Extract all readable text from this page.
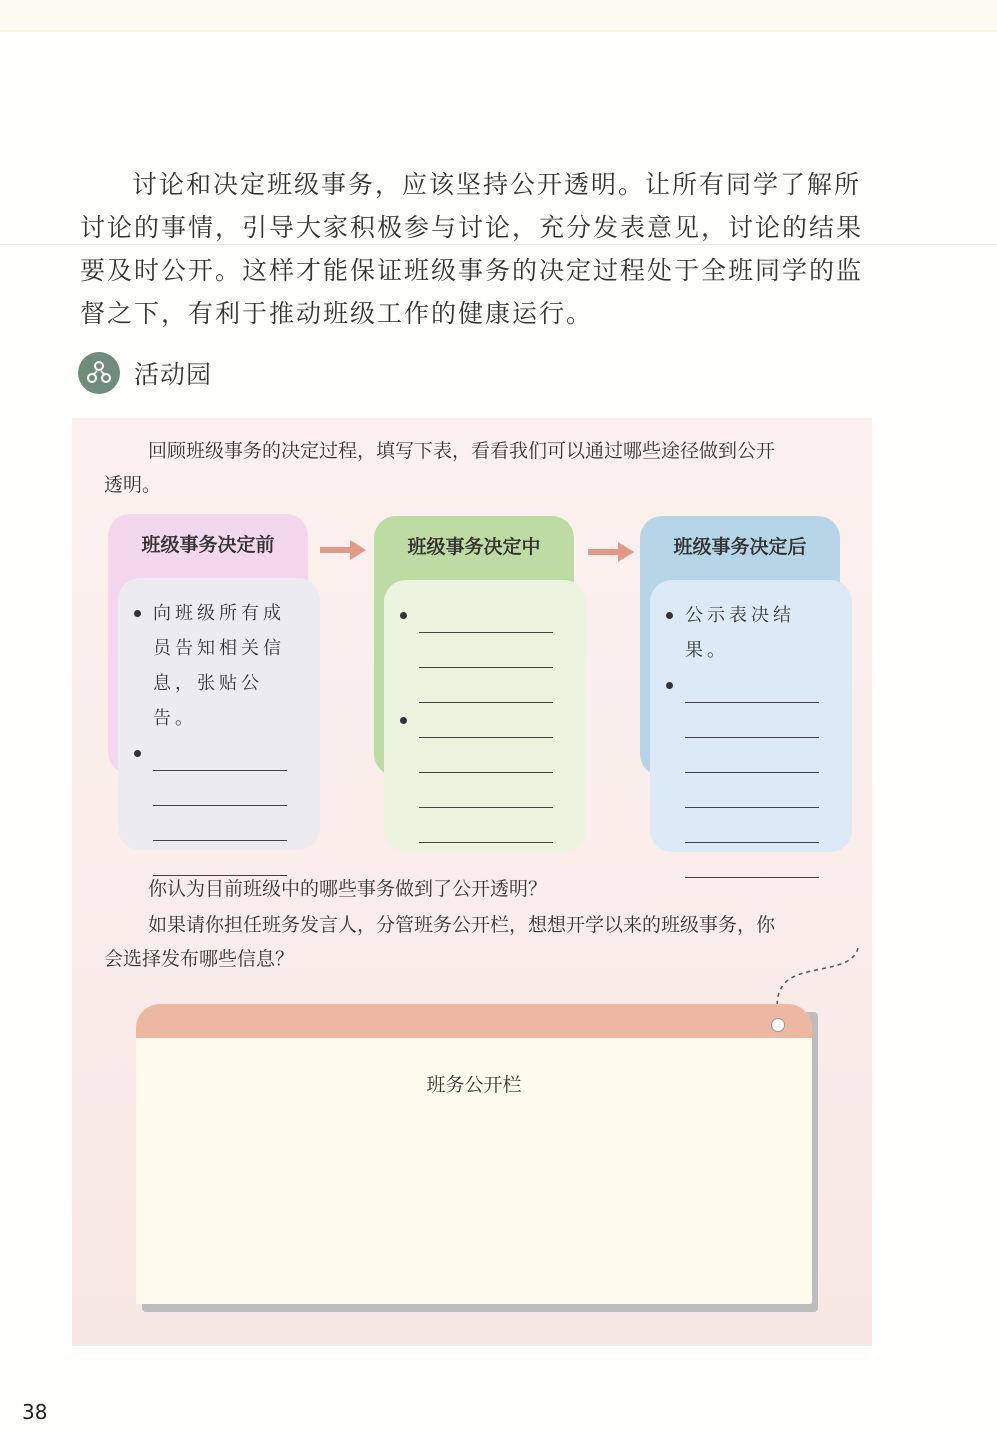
讨论和决定班级事务，应该坚持公开透明。让所有同学了解所
讨论的事情，引导大家积极参与讨论，充分发表意见，讨论的结果
要及时公开。这样才能保证班级事务的决定过程处于全班同学的监
督之下，有利于推动班级工作的健康运行。
活动园
回顾班级事务的决定过程，填写下表，看看我们可以通过哪些途径做到公开
透明。
班级事务决定前
向班级所有成员告知相关信息，张贴公告。
班级事务决定中	班级事务决定后
公示表决结果。
你认为目前班级中的哪些事务做到了公开透明？
如果请你担任班务发言人，分管班务公开栏，想想开学以来的班级事务，你
会选择发布哪些信息？
班务公开栏
38
